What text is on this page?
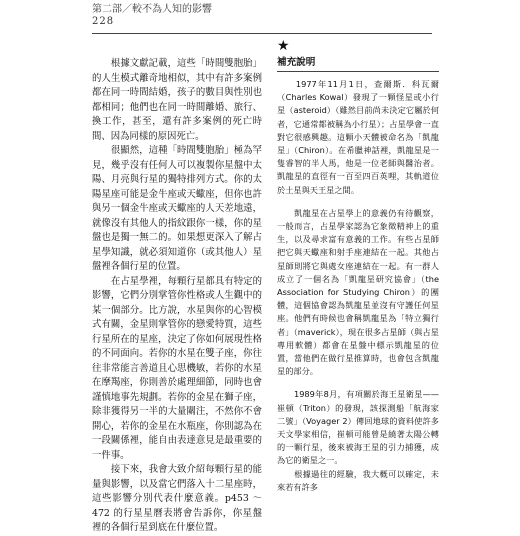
第二部／較不為人知的影響
228

　　根據文獻記載，這些「時間雙胞胎」的人生模式離奇地相似，其中有許多案例都在同一時間結婚，孩子的數目與性別也都相同；他們也在同一時間離婚、旅行、換工作，甚至，還有許多案例的死亡時間、因為同樣的原因死亡。

　　很顯然，這種「時間雙胞胎」極為罕見，幾乎沒有任何人可以複製你星盤中太陽、月亮與行星的獨特排列方式。你的太陽星座可能是金牛座或天蠍座，但你也許與另一個金牛座或天蠍座的人天差地遠，就像沒有其他人的指紋跟你一樣，你的星盤也是獨一無二的。如果想更深入了解占星學知識，就必須知道你（或其他人）星盤裡各個行星的位置。

　　在占星學裡，每顆行星都具有特定的影響，它們分別掌管你性格或人生觀中的某一個部分。比方說，水星與你的心智模式有關，金星則掌管你的戀愛特質，這些行星所在的星座，決定了你如何展現性格的不同面向。若你的水星在雙子座，你往往非常能言善道且心思機敏，若你的水星在摩羯座，你則善於處理細節，同時也會謹慎地事先規劃。若你的金星在獅子座，除非獲得另一半的大量關注，不然你不會開心，若你的金星在水瓶座，你則認為在一段關係裡，能自由表達意見是最重要的一件事。

　　接下來，我會大致介紹每顆行星的能量與影響，以及當它們落入十二星座時，這些影響分別代表什麼意義。p453 ～ 472 的行星星曆表將會告訴你，你星盤裡的各個行星到底在什麼位置。

★
補充說明

　　1977年11月1日，查爾斯．科瓦爾（Charles Kowal）發現了一顆怪星或小行星（asteroid）（雖然目前尚未決定它屬於何者，它通常都被稱為小行星）；占星學會一直對它很感興趣。這顆小天體被命名為「凱龍星」（Chiron）。在希臘神話裡，凱龍星是一隻睿智的半人馬，他是一位老師與醫治者。凱龍星的直徑有一百至四百英哩，其軌道位於土星與天王星之間。

　　凱龍星在占星學上的意義仍有待觀察，一般而言，占星學家認為它象徵精神上的重生，以及尋求富有意義的工作。有些占星師把它與天蠍座和射手座連結在一起。其他占星師則將它與處女座連結在一起。有一群人成立了一個名為「凱龍星研究協會」（the Association for Studying Chiron）的團體，這個協會認為凱龍星並沒有守護任何星座。他們有時候也會稱凱龍星為「特立獨行者」（maverick），現在很多占星師（與占星專用軟體）都會在星盤中標示凱龍星的位置，當他們在做行星推算時，也會包含凱龍星的部分。

　　1989年8月，有項關於海王星衛星——崔頓（Triton）的發現，該探測船「航海家二號」（Voyager 2）傳回地球的資料使許多天文學家相信，崔頓可能曾是繞著太陽公轉的一顆行星，後來被海王星的引力捕獲，成為它的衛星之一。

　　根據過往的經驗，我大概可以確定，未來若有許多
